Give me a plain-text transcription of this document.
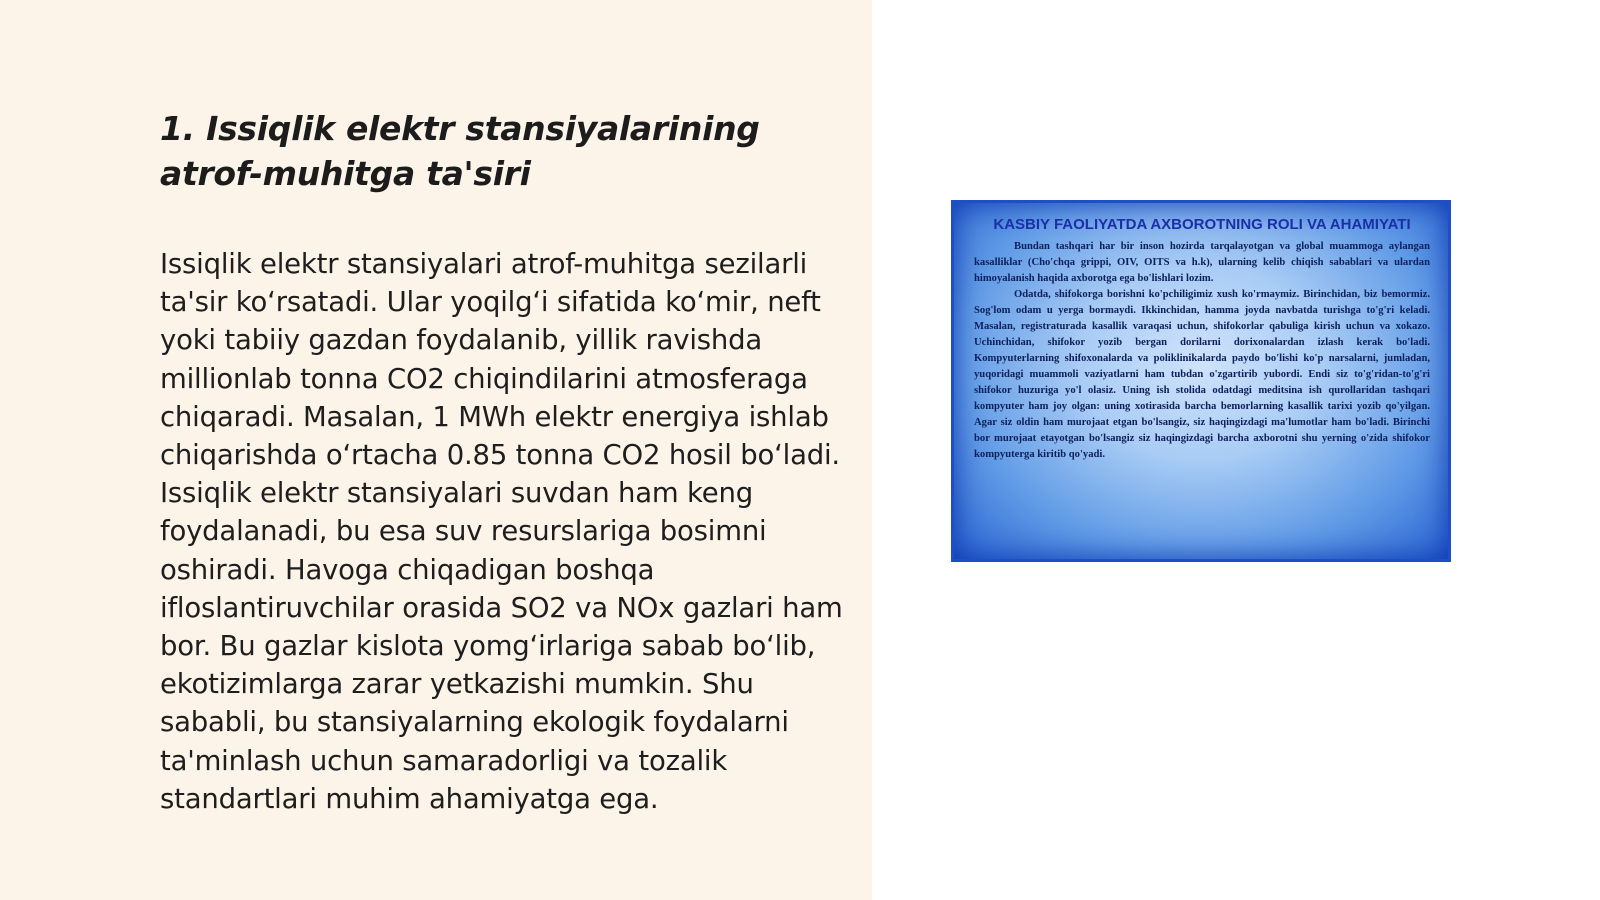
1. Issiqlik elektr stansiyalarining atrof-muhitga ta'siri

Issiqlik elektr stansiyalari atrof-muhitga sezilarli ta'sir koʻrsatadi. Ular yoqilgʻi sifatida koʻmir, neft yoki tabiiy gazdan foydalanib, yillik ravishda millionlab tonna CO2 chiqindilarini atmosferaga chiqaradi. Masalan, 1 MWh elektr energiya ishlab chiqarishda oʻrtacha 0.85 tonna CO2 hosil boʻladi. Issiqlik elektr stansiyalari suvdan ham keng foydalanadi, bu esa suv resurslariga bosimni oshiradi. Havoga chiqadigan boshqa ifloslantiruvchilar orasida SO2 va NOx gazlari ham bor. Bu gazlar kislota yomgʻirlariga sabab boʻlib, ekotizimlarga zarar yetkazishi mumkin. Shu sababli, bu stansiyalarning ekologik foydalarni ta'minlash uchun samaradorligi va tozalik standartlari muhim ahamiyatga ega.

KASBIY FAOLIYATDA AXBOROTNING ROLI VA AHAMIYATI

Bundan tashqari har bir inson hozirda tarqalayotgan va global muammoga aylangan kasalliklar (Cho'chqa grippi, OIV, OITS va h.k), ularning kelib chiqish sabablari va ulardan himoyalanish haqida axborotga ega bo'lishlari lozim.

Odatda, shifokorga borishni ko'pchiligimiz xush ko'rmaymiz. Birinchidan, biz bemormiz. Sog'lom odam u yerga bormaydi. Ikkinchidan, hamma joyda navbatda turishga to'g'ri keladi. Masalan, registraturada kasallik varaqasi uchun, shifokorlar qabuliga kirish uchun va xokazo. Uchinchidan, shifokor yozib bergan dorilarni dorixonalardan izlash kerak bo'ladi. Kompyuterlarning shifoxonalarda va poliklinikalarda paydo bo'lishi ko'p narsalarni, jumladan, yuqoridagi muammoli vaziyatlarni ham tubdan o'zgartirib yubordi. Endi siz to'g'ridan-to'g'ri shifokor huzuriga yo'l olasiz. Uning ish stolida odatdagi meditsina ish qurollaridan tashqari kompyuter ham joy olgan: uning xotirasida barcha bemorlarning kasallik tarixi yozib qo'yilgan. Agar siz oldin ham murojaat etgan bo'lsangiz, siz haqingizdagi ma'lumotlar ham bo'ladi. Birinchi bor murojaat etayotgan bo'lsangiz siz haqingizdagi barcha axborotni shu yerning o'zida shifokor kompyuterga kiritib qo'yadi.
